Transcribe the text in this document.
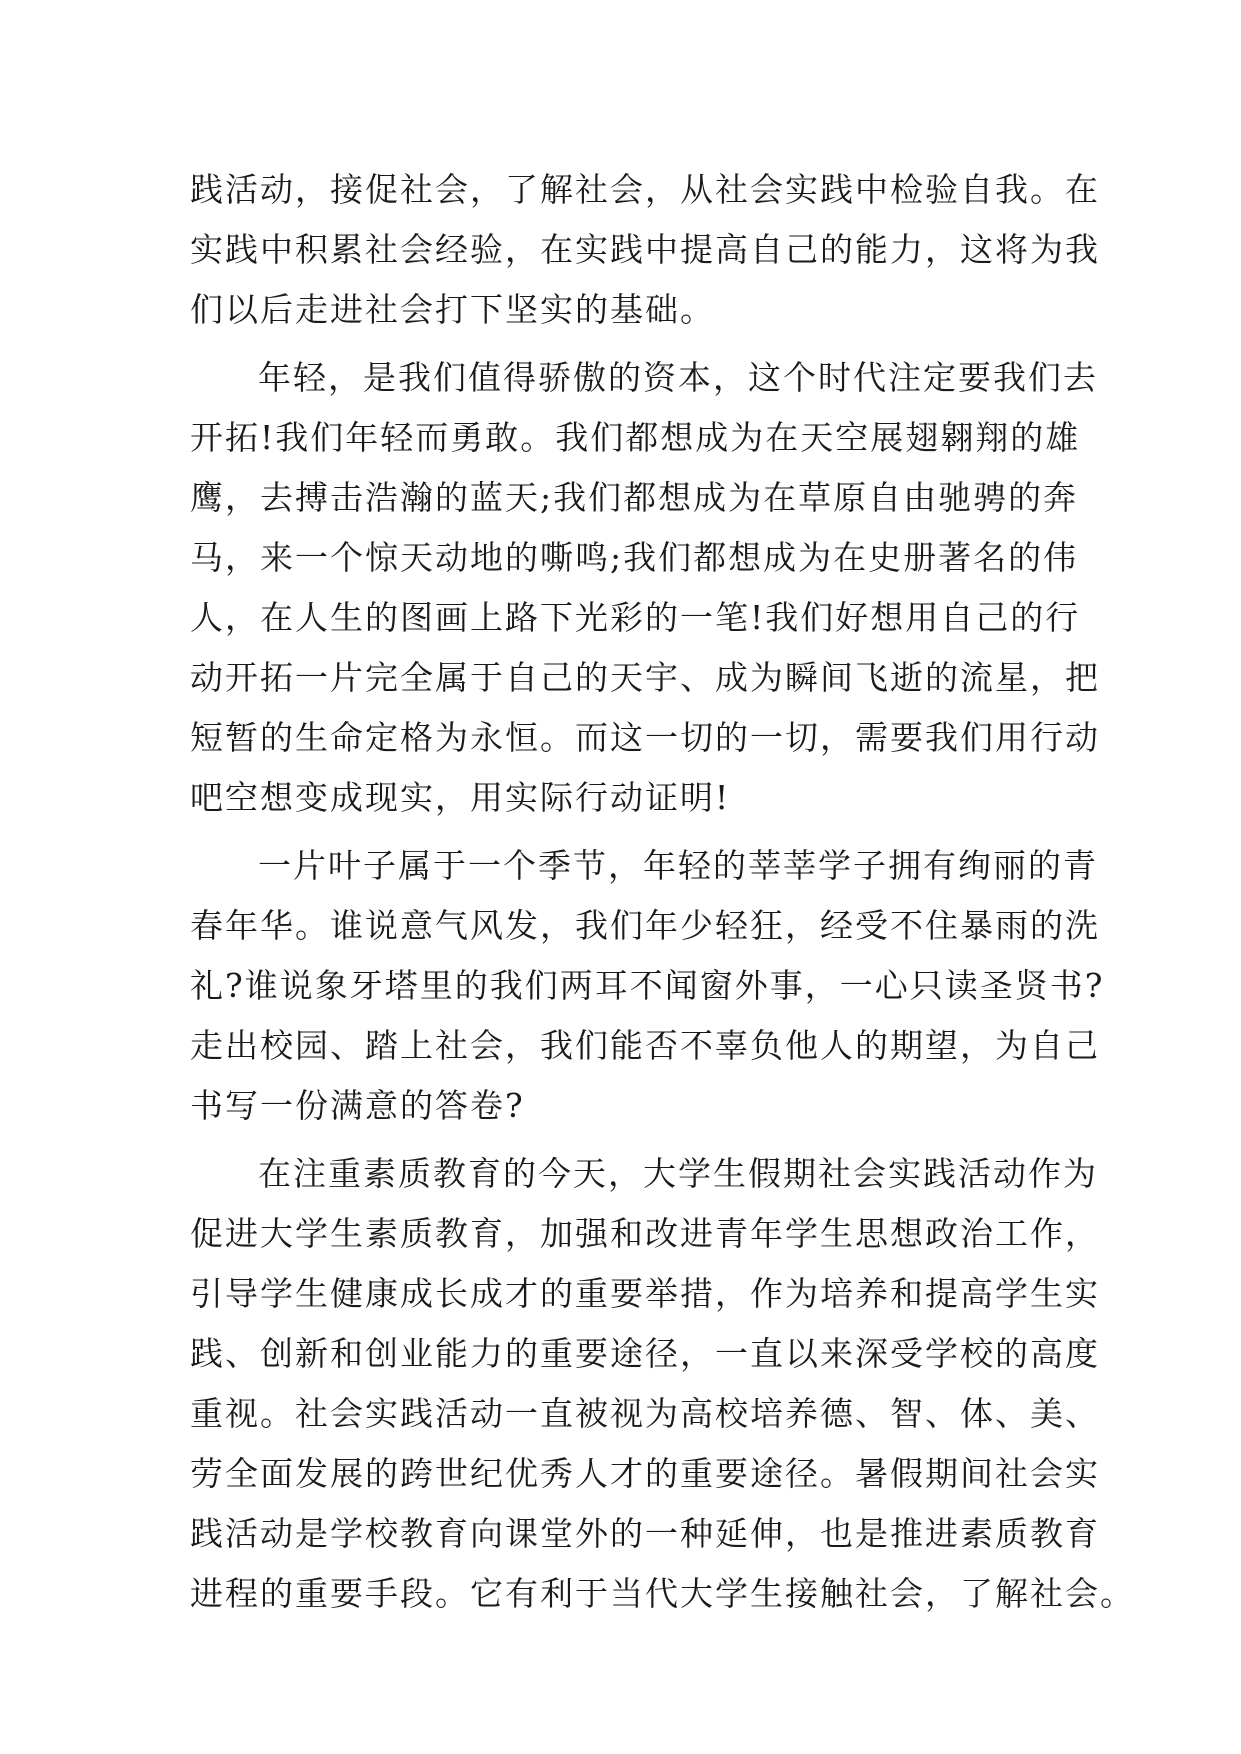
践活动，接促社会，了解社会，从社会实践中检验自我。在
实践中积累社会经验，在实践中提高自己的能力，这将为我
们以后走进社会打下坚实的基础。
年轻，是我们值得骄傲的资本，这个时代注定要我们去
开拓!我们年轻而勇敢。我们都想成为在天空展翅翱翔的雄
鹰，去搏击浩瀚的蓝天;我们都想成为在草原自由驰骋的奔
马，来一个惊天动地的嘶鸣;我们都想成为在史册著名的伟
人，在人生的图画上路下光彩的一笔!我们好想用自己的行
动开拓一片完全属于自己的天宇、成为瞬间飞逝的流星，把
短暂的生命定格为永恒。而这一切的一切，需要我们用行动
吧空想变成现实，用实际行动证明!
一片叶子属于一个季节，年轻的莘莘学子拥有绚丽的青
春年华。谁说意气风发，我们年少轻狂，经受不住暴雨的洗
礼?谁说象牙塔里的我们两耳不闻窗外事，一心只读圣贤书?
走出校园、踏上社会，我们能否不辜负他人的期望，为自己
书写一份满意的答卷?
在注重素质教育的今天，大学生假期社会实践活动作为
促进大学生素质教育，加强和改进青年学生思想政治工作，
引导学生健康成长成才的重要举措，作为培养和提高学生实
践、创新和创业能力的重要途径，一直以来深受学校的高度
重视。社会实践活动一直被视为高校培养德、智、体、美、
劳全面发展的跨世纪优秀人才的重要途径。暑假期间社会实
践活动是学校教育向课堂外的一种延伸，也是推进素质教育
进程的重要手段。它有利于当代大学生接触社会，了解社会。
